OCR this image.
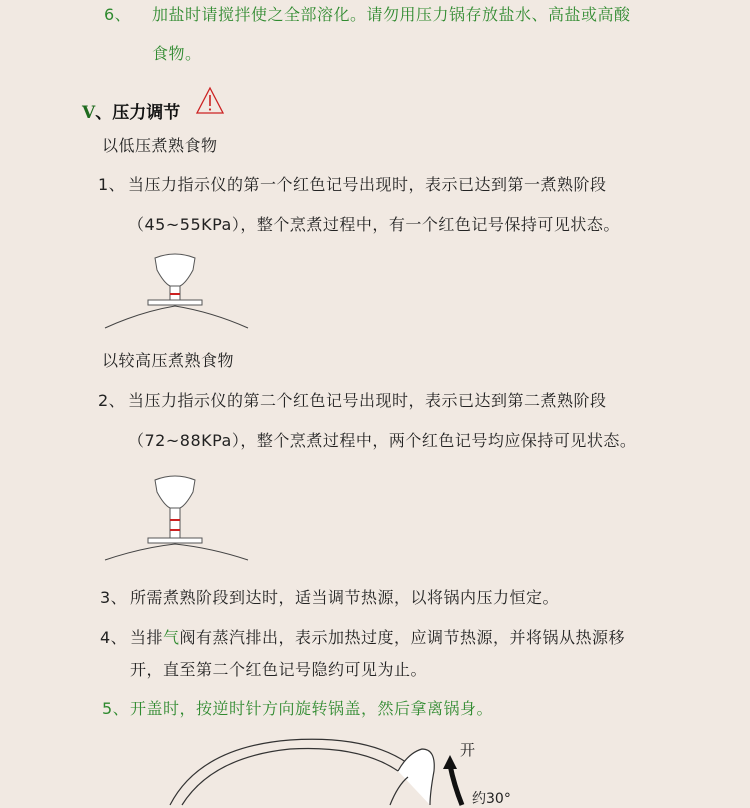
6、 加盐时请搅拌使之全部溶化。请勿用压力锅存放盐水、高盐或高酸
食物。
V、压力调节
以低压煮熟食物
1、 当压力指示仪的第一个红色记号出现时，表示已达到第一煮熟阶段
（45~55KPa），整个烹煮过程中，有一个红色记号保持可见状态。
以较高压煮熟食物
2、 当压力指示仪的第二个红色记号出现时，表示已达到第二煮熟阶段
（72~88KPa），整个烹煮过程中，两个红色记号均应保持可见状态。
3、 所需煮熟阶段到达时，适当调节热源，以将锅内压力恒定。
4、 当排气阀有蒸汽排出，表示加热过度，应调节热源，并将锅从热源移
开，直至第二个红色记号隐约可见为止。
5、 开盖时，按逆时针方向旋转锅盖，然后拿离锅身。
开
约30°
